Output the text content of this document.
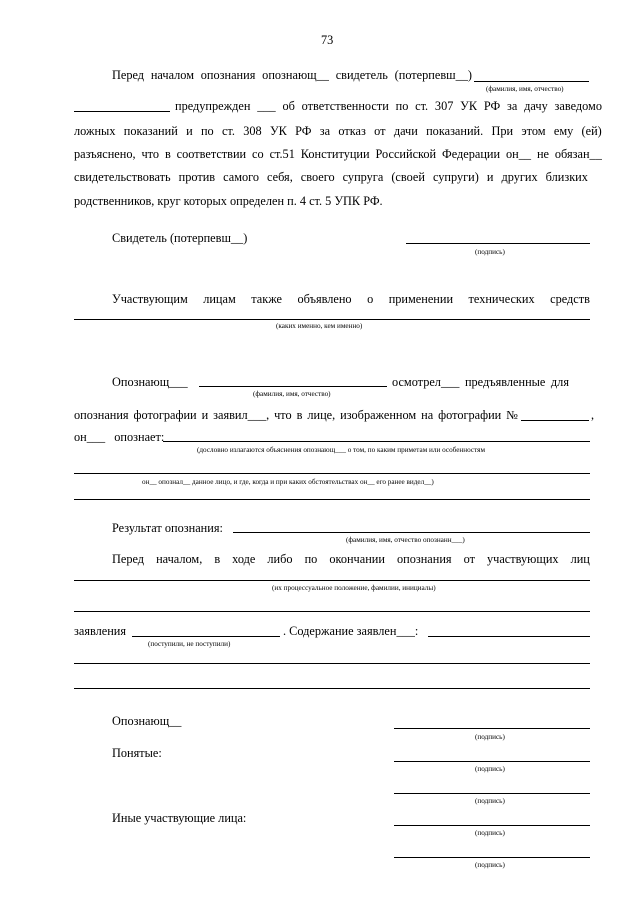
73
Перед началом опознания опознающ__ свидетель (потерпевш__)
(фамилия, имя, отчество)
предупрежден ___ об ответственности по ст. 307 УК РФ за дачу заведомо
ложных показаний и по ст. 308 УК РФ за отказ от дачи показаний. При этом ему (ей)
разъяснено, что в соответствии со ст.51 Конституции Российской Федерации он__ не обязан__
свидетельствовать против самого себя, своего супруга (своей супруги) и других близких
родственников, круг которых определен п. 4 ст. 5 УПК РФ.
Свидетель (потерпевш__)
(подпись)
Участвующим лицам также объявлено о применении технических средств
(каких именно, кем именно)
Опознающ___	осмотрел___ предъявленные для
(фамилия, имя, отчество)
опознания фотографии и заявил___, что в лице, изображенном на фотографии №	,
он___ опознает:
(дословно излагаются объяснения опознающ___ о том, по каким приметам или особенностям
он__ опознал__ данное лицо, и где, когда и при каких обстоятельствах он__ его ранее видел__)
Результат опознания:
(фамилия, имя, отчество опознанн___)
Перед началом, в ходе либо по окончании опознания от участвующих лиц
(их процессуальное положение, фамилии, инициалы)
заявления	. Содержание заявлен___:
(поступили, не поступили)
Опознающ__
(подпись)
Понятые:
(подпись)
(подпись)
Иные участвующие лица:
(подпись)
(подпись)
